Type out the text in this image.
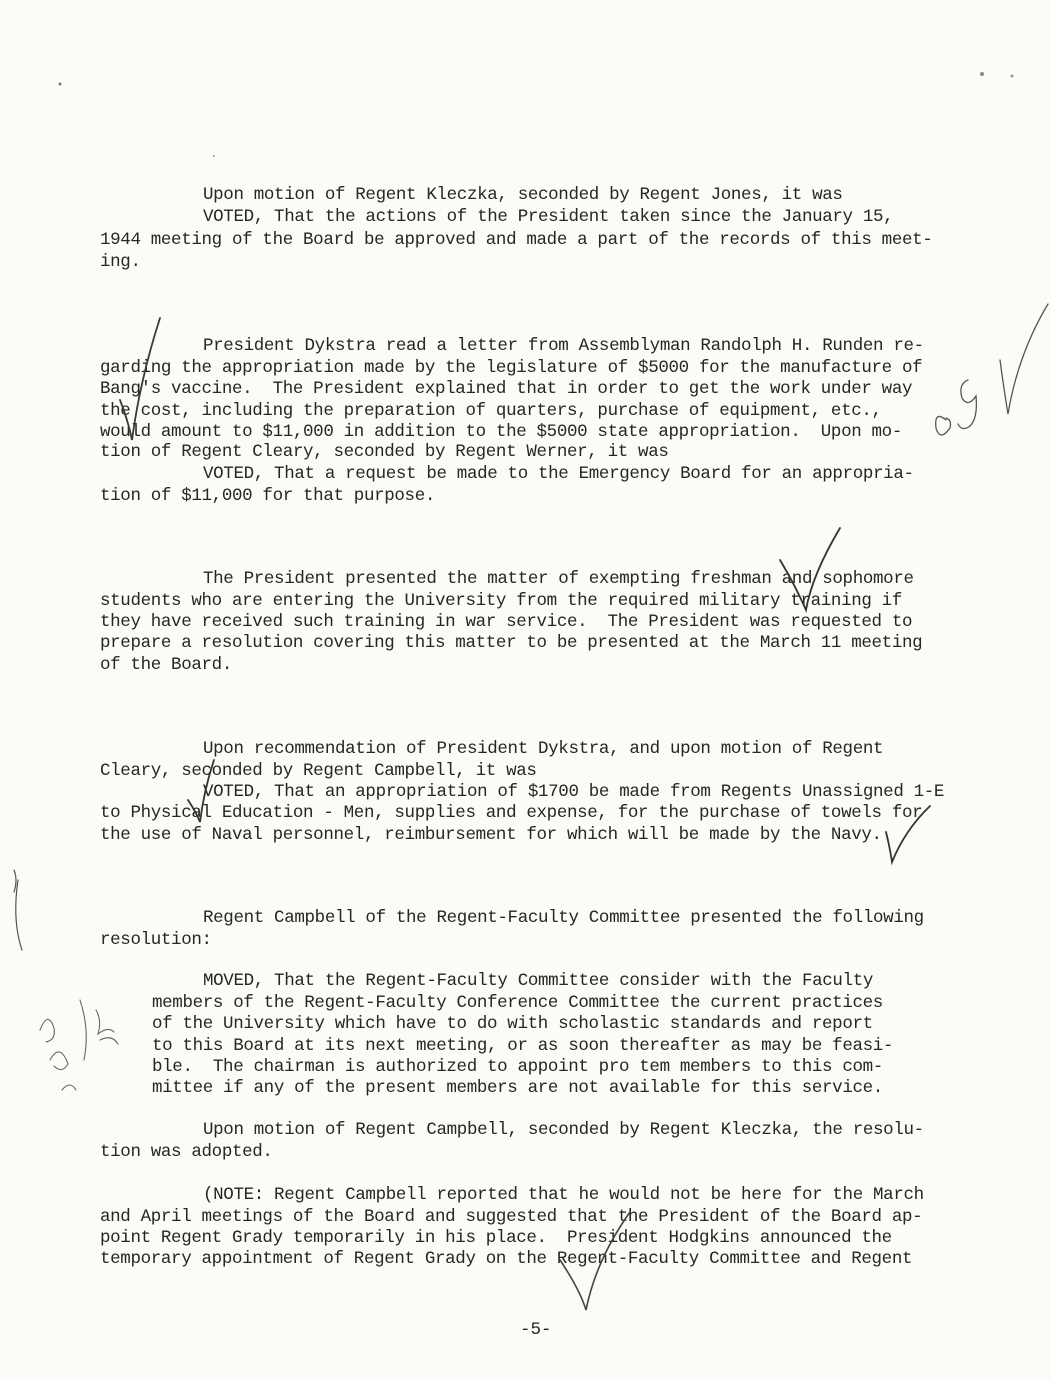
Upon motion of Regent Kleczka, seconded by Regent Jones, it was
VOTED, That the actions of the President taken since the January 15,
1944 meeting of the Board be approved and made a part of the records of this meet-
ing.
President Dykstra read a letter from Assemblyman Randolph H. Runden re-
garding the appropriation made by the legislature of $5000 for the manufacture of
Bang's vaccine.  The President explained that in order to get the work under way
the cost, including the preparation of quarters, purchase of equipment, etc.,
would amount to $11,000 in addition to the $5000 state appropriation.  Upon mo-
tion of Regent Cleary, seconded by Regent Werner, it was
VOTED, That a request be made to the Emergency Board for an appropria-
tion of $11,000 for that purpose.
The President presented the matter of exempting freshman and sophomore
students who are entering the University from the required military training if
they have received such training in war service.  The President was requested to
prepare a resolution covering this matter to be presented at the March 11 meeting
of the Board.
Upon recommendation of President Dykstra, and upon motion of Regent
Cleary, seconded by Regent Campbell, it was
VOTED, That an appropriation of $1700 be made from Regents Unassigned 1-E
to Physical Education - Men, supplies and expense, for the purchase of towels for
the use of Naval personnel, reimbursement for which will be made by the Navy.
Regent Campbell of the Regent-Faculty Committee presented the following
resolution:
MOVED, That the Regent-Faculty Committee consider with the Faculty
members of the Regent-Faculty Conference Committee the current practices
of the University which have to do with scholastic standards and report
to this Board at its next meeting, or as soon thereafter as may be feasi-
ble.  The chairman is authorized to appoint pro tem members to this com-
mittee if any of the present members are not available for this service.
Upon motion of Regent Campbell, seconded by Regent Kleczka, the resolu-
tion was adopted.
(NOTE: Regent Campbell reported that he would not be here for the March
and April meetings of the Board and suggested that the President of the Board ap-
point Regent Grady temporarily in his place.  President Hodgkins announced the
temporary appointment of Regent Grady on the Regent-Faculty Committee and Regent
-5-
